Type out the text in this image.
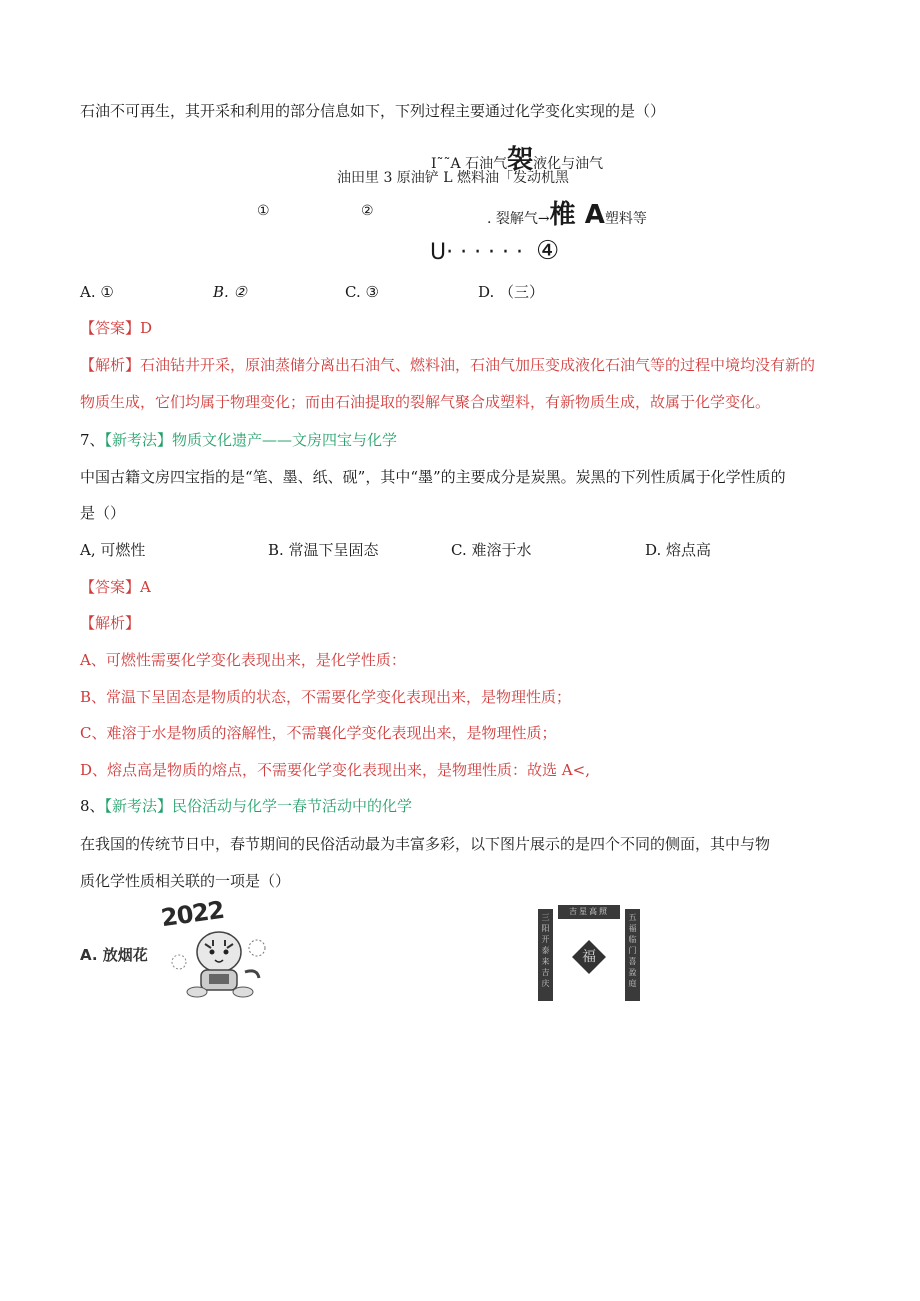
石油不可再生，其开采和利用的部分信息如下，下列过程主要通过化学变化实现的是（）
I˜˜A 石油气袈液化与油气
油田里 3 原油铲 L 燃料油「发动机黑
①	②	. 裂解气→椎 A塑料等
U· · · · · · ④
A. ①	B. ②	C. ③	D. （三）
【答案】D
【解析】石油钻井开采，原油蒸储分离出石油气、燃料油，石油气加压变成液化石油气等的过程中境均没有新的
物质生成，它们均属于物理变化；而由石油提取的裂解气聚合成塑料，有新物质生成，故属于化学变化。
7、【新考法】物质文化遗产——文房四宝与化学
中国古籍文房四宝指的是“笔、墨、纸、砚”，其中“墨”的主要成分是炭黑。炭黑的下列性质属于化学性质的
是（）
A, 可燃性	B. 常温下呈固态	C. 难溶于水	D. 熔点高
【答案】A
【解析】
A、可燃性需要化学变化表现出来，是化学性质：
B、常温下呈固态是物质的状态，不需要化学变化表现出来，是物理性质；
C、难溶于水是物质的溶解性，不需襄化学变化表现出来，是物理性质；
D、熔点高是物质的熔点，不需要化学变化表现出来，是物理性质：故选 A<,
8、【新考法】民俗活动与化学一春节活动中的化学
在我国的传统节日中，春节期间的民俗活动最为丰富多彩，以下图片展示的是四个不同的侧面，其中与物
质化学性质相关联的一项是（）
A. 放烟花
2022	吉星高照
三阳开泰来吉庆
五福临门喜盈庭
福
